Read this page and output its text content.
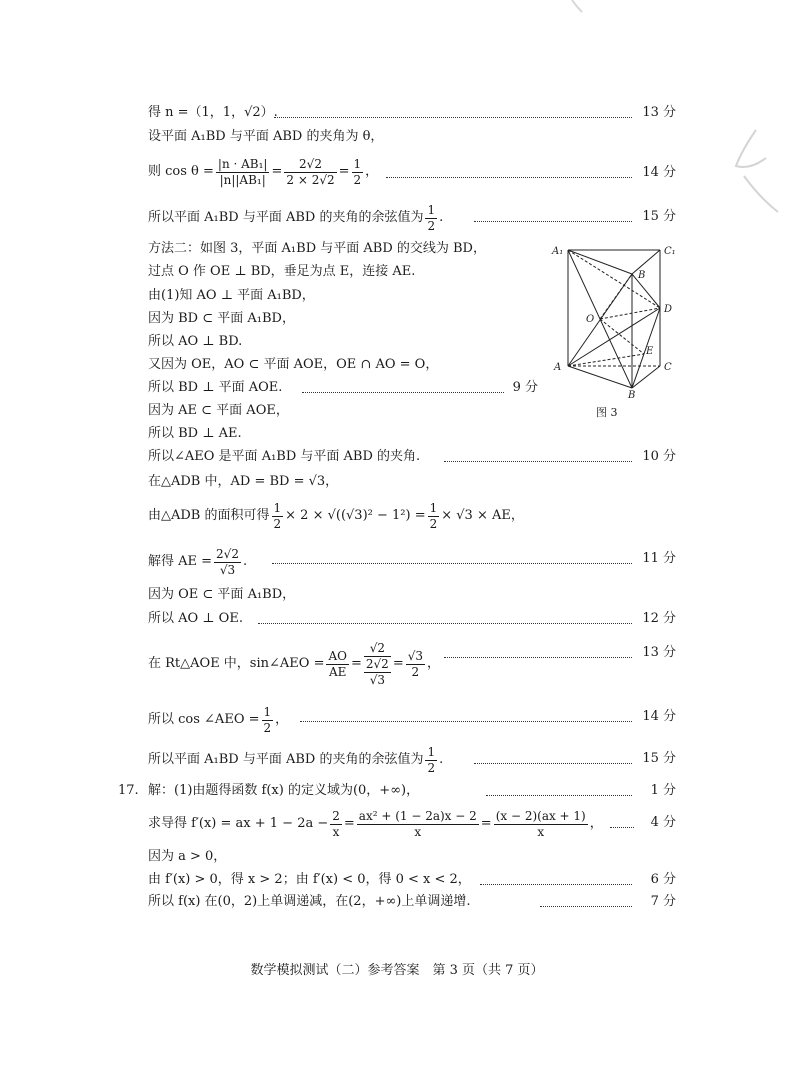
得 n =（1，1，√2）.	13 分
设平面 A₁BD 与平面 ABD 的夹角为 θ，
则 $\cos \theta = \frac{\text{|n · AB₁|}}{\text{|n||AB₁|}} = \frac{2√2}{2 \times 2√2} = \frac{1}{2}$ ，	14 分
所以平面 A₁BD 与平面 ABD 的夹角的余弦值为 $\frac{1}{2}$ .	15 分
方法二：如图 3，平面 A₁BD 与平面 ABD 的交线为 BD，
过点 O 作 OE ⊥ BD，垂足为点 E，连接 AE.
由(1)知 AO ⊥ 平面 A₁BD，
因为 BD ⊂ 平面 A₁BD，
所以 AO ⊥ BD.
又因为 OE，AO ⊂ 平面 AOE，OE ∩ AO = O，
所以 BD ⊥ 平面 AOE.	9 分
因为 AE ⊂ 平面 AOE，
所以 BD ⊥ AE.
A₁	C₁
B
D
O
E
A	C
B
图 3
所以∠AEO 是平面 A₁BD 与平面 ABD 的夹角.	10 分
在△ADB 中，AD = BD = √3，
由△ADB 的面积可得 $\frac{1}{2} \times 2 \times √((√3)^2 - 1^2) = \frac{1}{2} \times √3$ × AE，
解得 AE = $\frac{2√2}{√3}$ .	11 分
因为 OE ⊂ 平面 A₁BD，
所以 AO ⊥ OE.	12 分
在 Rt△AOE 中，sin∠AEO = $\frac{AO}{AE} = \frac{√2}{\frac{2√2}{√3}} = \frac{√3}{2}$ ，
13 分
所以 cos ∠AEO = $\frac{1}{2}$ ，	14 分
所以平面 A₁BD 与平面 ABD 的夹角的余弦值为 $\frac{1}{2}$ .	15 分
17. 解：(1)由题得函数 f(x) 的定义域为(0，+∞)，	1 分
求导得 f′(x) = ax + $1 - 2a - \frac{2}{x} = \frac{\text{ax² + (1 − 2a)x − 2}}{x} = \frac{(x - 2)(ax + 1)}{x}$ ，	4 分
因为 a > 0，
由 f′(x) > 0，得 x > 2；由 f′(x) < 0，得 0 < x < 2，	6 分
所以 f(x) 在(0，2)上单调递减，在(2，+∞)上单调递增.	7 分
数学模拟测试（二）参考答案　第 3 页（共 7 页）
